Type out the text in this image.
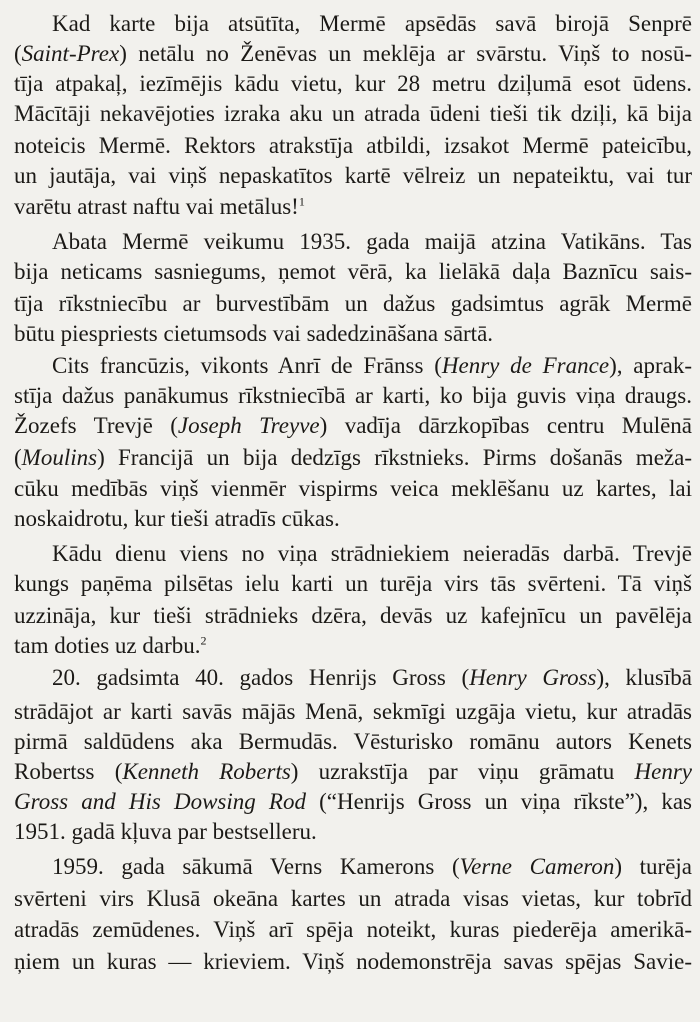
Kad karte bija atsūtīta, Mermē apsēdās savā birojā Senprē
(Saint-Prex) netālu no Ženēvas un meklēja ar svārstu. Viņš to nosū-
tīja atpakaļ, iezīmējis kādu vietu, kur 28 metru dziļumā esot ūdens.
Mācītāji nekavējoties izraka aku un atrada ūdeni tieši tik dziļi, kā bija
noteicis Mermē. Rektors atrakstīja atbildi, izsakot Mermē pateicību,
un jautāja, vai viņš nepaskatītos kartē vēlreiz un nepateiktu, vai tur
varētu atrast naftu vai metālus!$^1$
Abata Mermē veikumu 1935. gada maijā atzina Vatikāns. Tas
bija neticams sasniegums, ņemot vērā, ka lielākā daļa Baznīcu sais-
tīja rīkstniecību ar burvestībām un dažus gadsimtus agrāk Mermē
būtu piespriests cietumsods vai sadedzināšana sārtā.
Cits francūzis, vikonts Anrī de Frānss (Henry de France), aprak-
stīja dažus panākumus rīkstniecībā ar karti, ko bija guvis viņa draugs.
Žozefs Trevjē (Joseph Treyve) vadīja dārzkopības centru Mulēnā
(Moulins) Francijā un bija dedzīgs rīkstnieks. Pirms došanās meža-
cūku medībās viņš vienmēr vispirms veica meklēšanu uz kartes, lai
noskaidrotu, kur tieši atradīs cūkas.
Kādu dienu viens no viņa strādniekiem neieradās darbā. Trevjē
kungs paņēma pilsētas ielu karti un turēja virs tās svērteni. Tā viņš
uzzināja, kur tieši strādnieks dzēra, devās uz kafejnīcu un pavēlēja
tam doties uz darbu.$^2$
20. gadsimta 40. gados Henrijs Gross (Henry Gross), klusībā
strādājot ar karti savās mājās Menā, sekmīgi uzgāja vietu, kur atradās
pirmā saldūdens aka Bermudās. Vēsturisko romānu autors Kenets
Robertss (Kenneth Roberts) uzrakstīja par viņu grāmatu Henry
Gross and His Dowsing Rod (“Henrijs Gross un viņa rīkste”), kas
1951. gadā kļuva par bestselleru.
1959. gada sākumā Verns Kamerons (Verne Cameron) turēja
svērteni virs Klusā okeāna kartes un atrada visas vietas, kur tobrīd
atradās zemūdenes. Viņš arī spēja noteikt, kuras piederēja amerikā-
ņiem un kuras — krieviem. Viņš nodemonstrēja savas spējas Savie-
